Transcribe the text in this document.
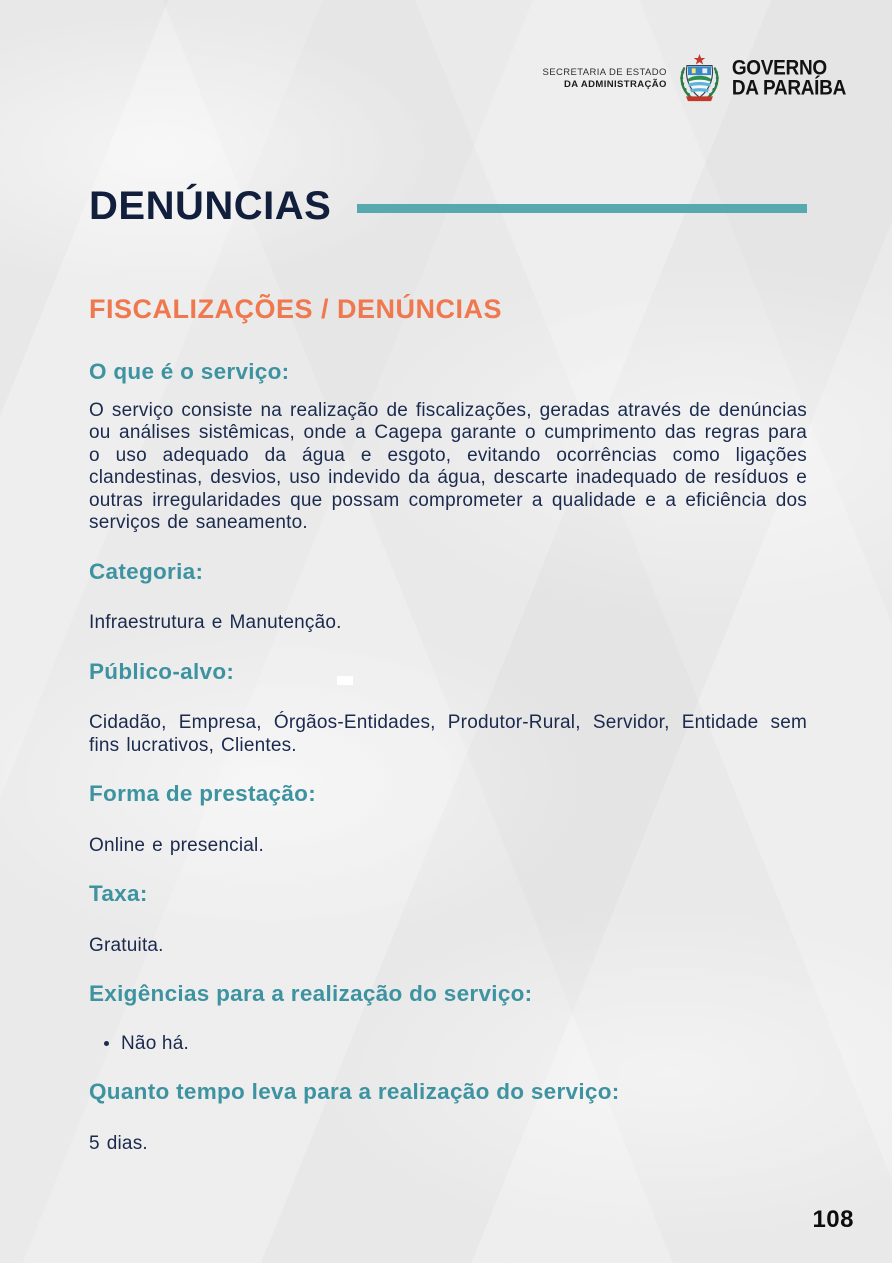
SECRETARIA DE ESTADO
DA ADMINISTRAÇÃO
GOVERNO
DA PARAÍBA
DENÚNCIAS
FISCALIZAÇÕES / DENÚNCIAS
O que é o serviço:
O serviço consiste na realização de fiscalizações, geradas através de denúncias ou análises sistêmicas, onde a Cagepa garante o cumprimento das regras para o uso adequado da água e esgoto, evitando ocorrências como ligações clandestinas, desvios, uso indevido da água, descarte inadequado de resíduos e outras irregularidades que possam comprometer a qualidade e a eficiência dos serviços de saneamento.
Categoria:
Infraestrutura e Manutenção.
Público-alvo:
Cidadão, Empresa, Órgãos-Entidades, Produtor-Rural, Servidor, Entidade sem fins lucrativos, Clientes.
Forma de prestação:
Online e presencial.
Taxa:
Gratuita.
Exigências para a realização do serviço:
• Não há.
Quanto tempo leva para a realização do serviço:
5 dias.
108
